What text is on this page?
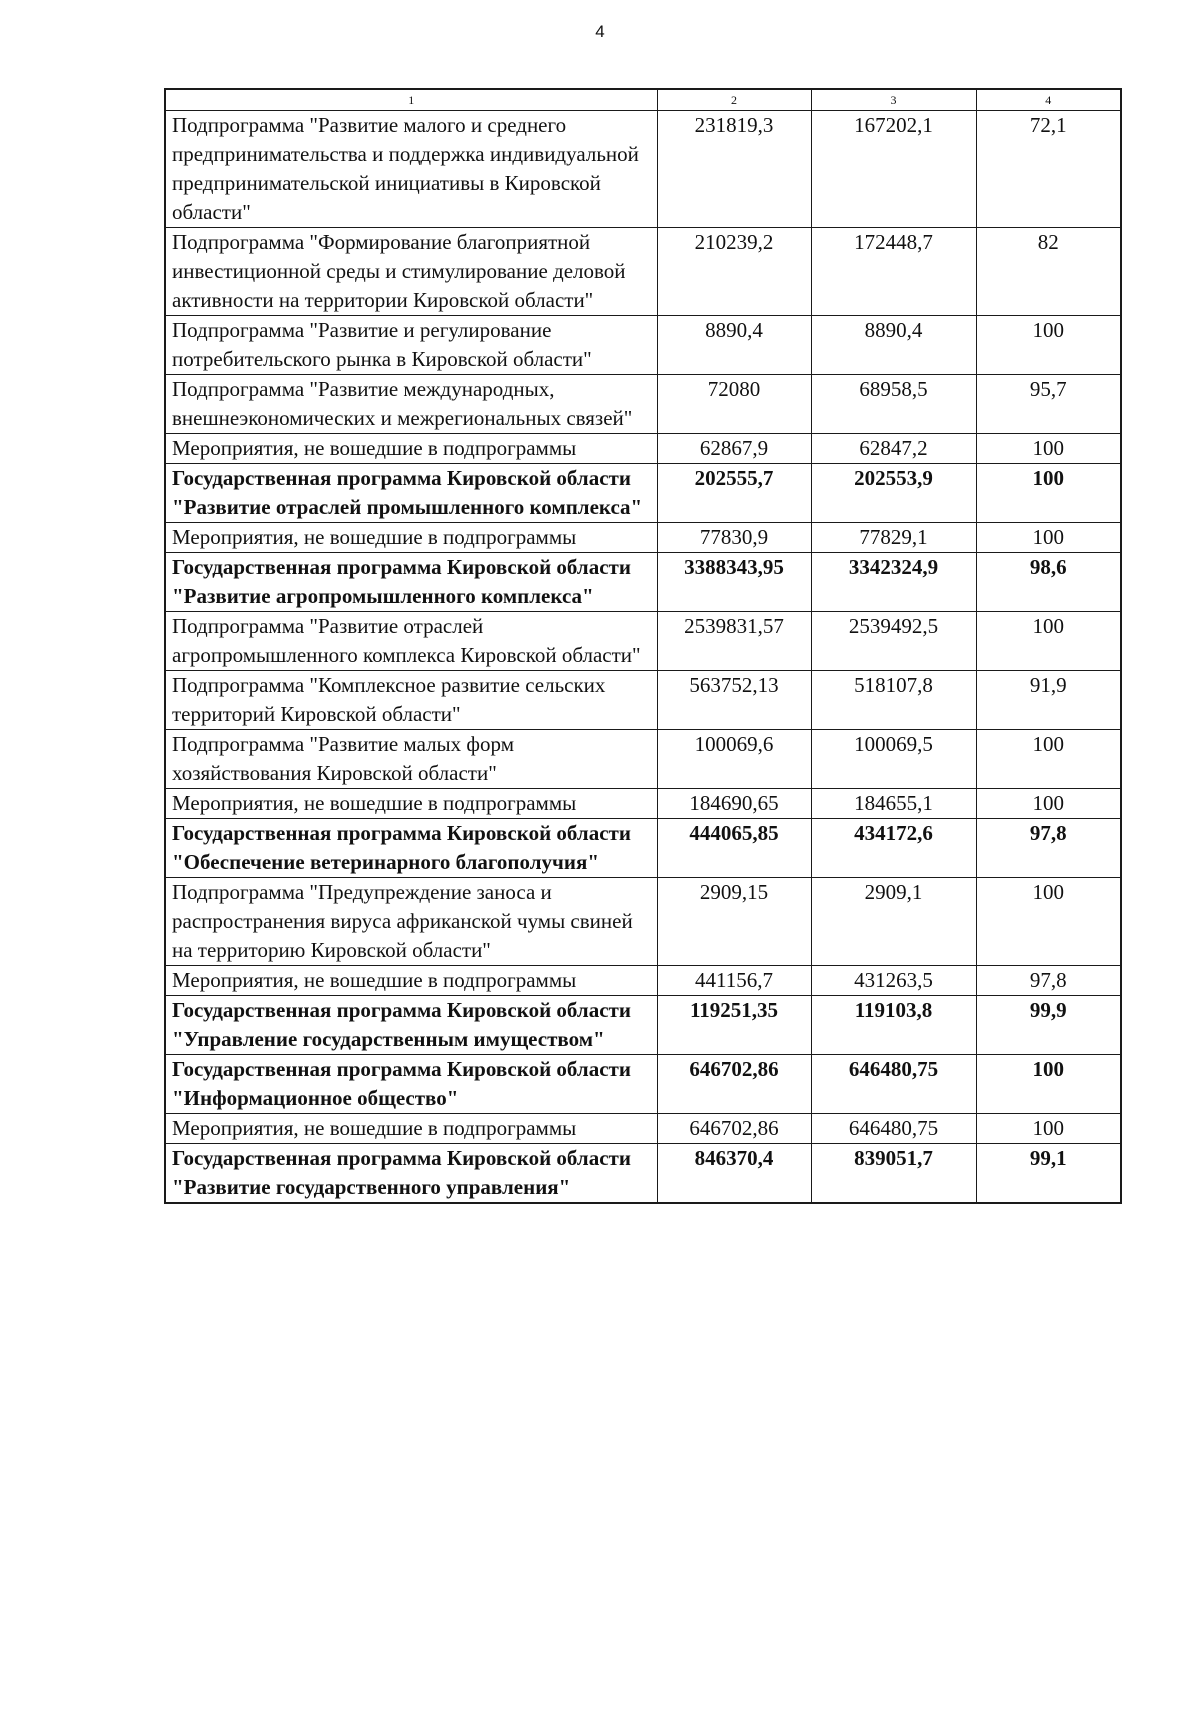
4
1	2	3	4
Подпрограмма "Развитие малого и среднего предпринимательства и поддержка индивидуальной предпринимательской инициативы в Кировской области"	231819,3	167202,1	72,1
Подпрограмма "Формирование благоприятной инвестиционной среды и стимулирование деловой активности на территории Кировской области"	210239,2	172448,7	82
Подпрограмма "Развитие и регулирование потребительского рынка в Кировской области"	8890,4	8890,4	100
Подпрограмма "Развитие международных, внешнеэкономических и межрегиональных связей"	72080	68958,5	95,7
Мероприятия, не вошедшие в подпрограммы	62867,9	62847,2	100
Государственная программа Кировской области "Развитие отраслей промышленного комплекса"	202555,7	202553,9	100
Мероприятия, не вошедшие в подпрограммы	77830,9	77829,1	100
Государственная программа Кировской области "Развитие агропромышленного комплекса"	3388343,95	3342324,9	98,6
Подпрограмма "Развитие отраслей агропромышленного комплекса Кировской области"	2539831,57	2539492,5	100
Подпрограмма "Комплексное развитие сельских территорий Кировской области"	563752,13	518107,8	91,9
Подпрограмма "Развитие малых форм хозяйствования Кировской области"	100069,6	100069,5	100
Мероприятия, не вошедшие в подпрограммы	184690,65	184655,1	100
Государственная программа Кировской области "Обеспечение ветеринарного благополучия"	444065,85	434172,6	97,8
Подпрограмма "Предупреждение заноса и распространения вируса африканской чумы свиней на территорию Кировской области"	2909,15	2909,1	100
Мероприятия, не вошедшие в подпрограммы	441156,7	431263,5	97,8
Государственная программа Кировской области "Управление государственным имуществом"	119251,35	119103,8	99,9
Государственная программа Кировской области "Информационное общество"	646702,86	646480,75	100
Мероприятия, не вошедшие в подпрограммы	646702,86	646480,75	100
Государственная программа Кировской области "Развитие государственного управления"	846370,4	839051,7	99,1
